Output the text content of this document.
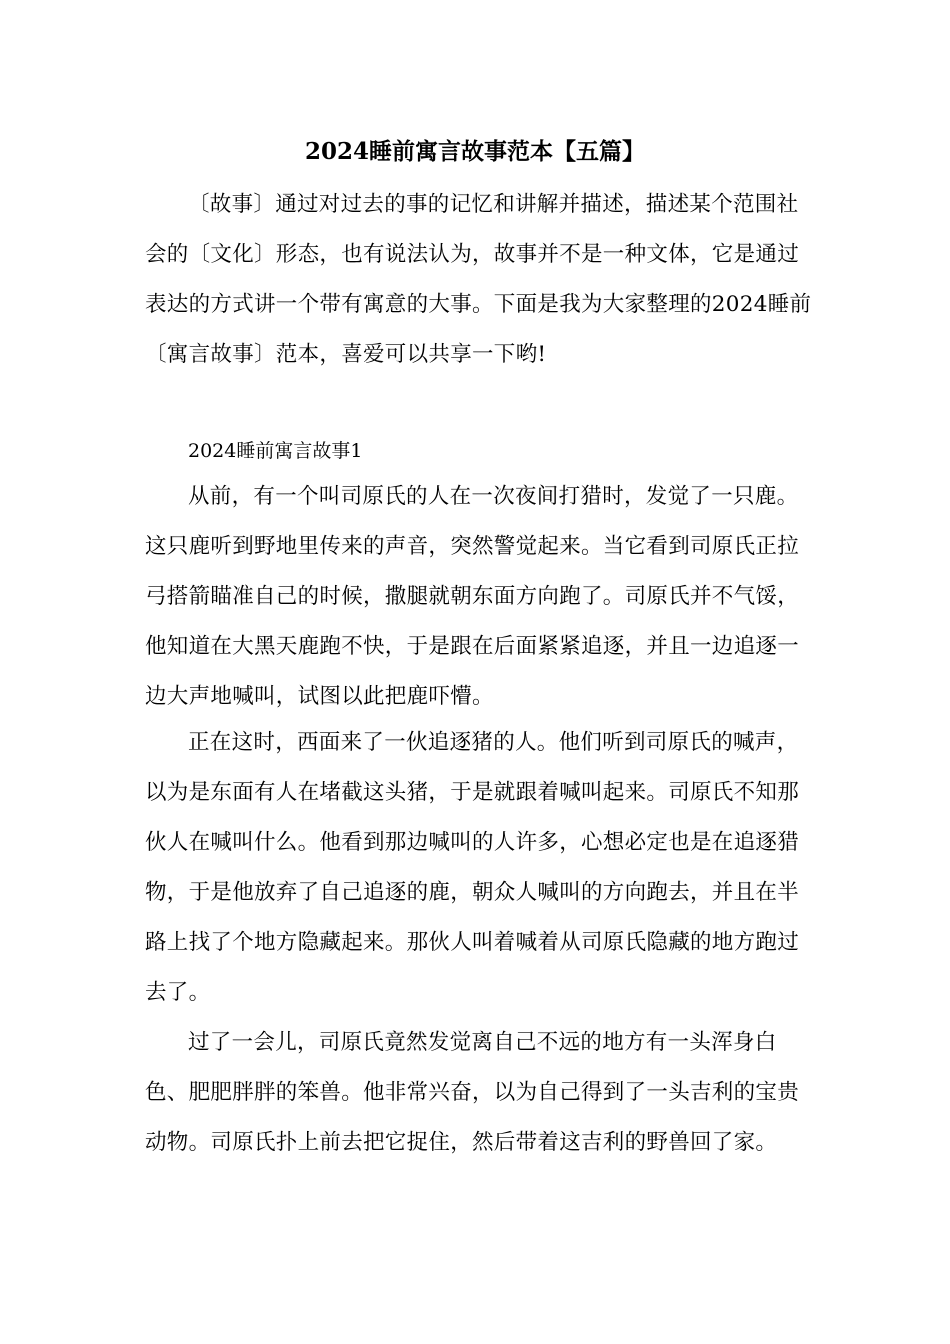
2024睡前寓言故事范本【五篇】

〔故事〕通过对过去的事的记忆和讲解并描述，描述某个范围社会的〔文化〕形态，也有说法认为，故事并不是一种文体，它是通过表达的方式讲一个带有寓意的大事。下面是我为大家整理的2024睡前〔寓言故事〕范本，喜爱可以共享一下哟!

2024睡前寓言故事1

从前，有一个叫司原氏的人在一次夜间打猎时，发觉了一只鹿。这只鹿听到野地里传来的声音，突然警觉起来。当它看到司原氏正拉弓搭箭瞄准自己的时候，撒腿就朝东面方向跑了。司原氏并不气馁，他知道在大黑天鹿跑不快，于是跟在后面紧紧追逐，并且一边追逐一边大声地喊叫，试图以此把鹿吓懵。

正在这时，西面来了一伙追逐猪的人。他们听到司原氏的喊声，以为是东面有人在堵截这头猪，于是就跟着喊叫起来。司原氏不知那伙人在喊叫什么。他看到那边喊叫的人许多，心想必定也是在追逐猎物，于是他放弃了自己追逐的鹿，朝众人喊叫的方向跑去，并且在半路上找了个地方隐藏起来。那伙人叫着喊着从司原氏隐藏的地方跑过去了。

过了一会儿，司原氏竟然发觉离自己不远的地方有一头浑身白色、肥肥胖胖的笨兽。他非常兴奋，以为自己得到了一头吉利的宝贵动物。司原氏扑上前去把它捉住，然后带着这吉利的野兽回了家。
